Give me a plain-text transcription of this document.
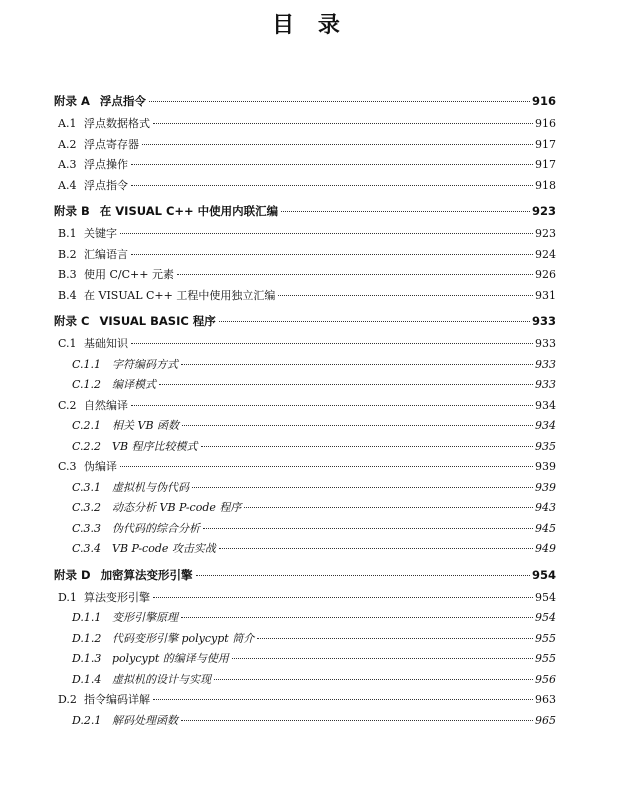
目 录
附录 A 浮点指令	916
A.1 浮点数据格式	916
A.2 浮点寄存器	917
A.3 浮点操作	917
A.4 浮点指令	918
附录 B 在 VISUAL C++ 中使用内联汇编	923
B.1 关键字	923
B.2 汇编语言	924
B.3 使用 C/C++ 元素	926
B.4 在 VISUAL C++ 工程中使用独立汇编	931
附录 C VISUAL BASIC 程序	933
C.1 基础知识	933
C.1.1 字符编码方式	933
C.1.2 编译模式	933
C.2 自然编译	934
C.2.1 相关 VB 函数	934
C.2.2 VB 程序比较模式	935
C.3 伪编译	939
C.3.1 虚拟机与伪代码	939
C.3.2 动态分析 VB P-code 程序	943
C.3.3 伪代码的综合分析	945
C.3.4 VB P-code 攻击实战	949
附录 D 加密算法变形引擎	954
D.1 算法变形引擎	954
D.1.1 变形引擎原理	954
D.1.2 代码变形引擎 polycypt 简介	955
D.1.3 polycypt 的编译与使用	955
D.1.4 虚拟机的设计与实现	956
D.2 指令编码详解	963
D.2.1 解码处理函数	965
